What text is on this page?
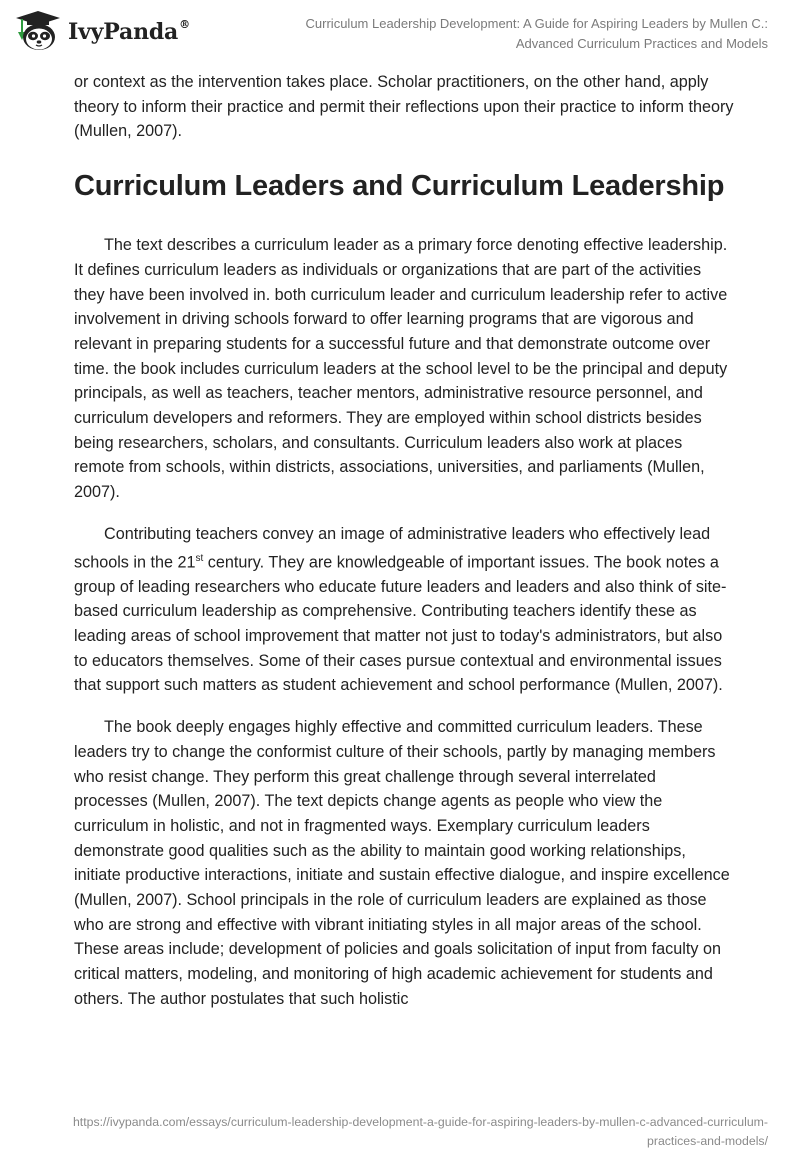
IvyPanda®	Curriculum Leadership Development: A Guide for Aspiring Leaders by Mullen C.: Advanced Curriculum Practices and Models

or context as the intervention takes place. Scholar practitioners, on the other hand, apply theory to inform their practice and permit their reflections upon their practice to inform theory (Mullen, 2007).

Curriculum Leaders and Curriculum Leadership

The text describes a curriculum leader as a primary force denoting effective leadership. It defines curriculum leaders as individuals or organizations that are part of the activities they have been involved in. both curriculum leader and curriculum leadership refer to active involvement in driving schools forward to offer learning programs that are vigorous and relevant in preparing students for a successful future and that demonstrate outcome over time. the book includes curriculum leaders at the school level to be the principal and deputy principals, as well as teachers, teacher mentors, administrative resource personnel, and curriculum developers and reformers. They are employed within school districts besides being researchers, scholars, and consultants. Curriculum leaders also work at places remote from schools, within districts, associations, universities, and parliaments (Mullen, 2007).

Contributing teachers convey an image of administrative leaders who effectively lead schools in the 21st century. They are knowledgeable of important issues. The book notes a group of leading researchers who educate future leaders and leaders and also think of site-based curriculum leadership as comprehensive. Contributing teachers identify these as leading areas of school improvement that matter not just to today's administrators, but also to educators themselves. Some of their cases pursue contextual and environmental issues that support such matters as student achievement and school performance (Mullen, 2007).

The book deeply engages highly effective and committed curriculum leaders. These leaders try to change the conformist culture of their schools, partly by managing members who resist change. They perform this great challenge through several interrelated processes (Mullen, 2007). The text depicts change agents as people who view the curriculum in holistic, and not in fragmented ways. Exemplary curriculum leaders demonstrate good qualities such as the ability to maintain good working relationships, initiate productive interactions, initiate and sustain effective dialogue, and inspire excellence (Mullen, 2007). School principals in the role of curriculum leaders are explained as those who are strong and effective with vibrant initiating styles in all major areas of the school. These areas include; development of policies and goals solicitation of input from faculty on critical matters, modeling, and monitoring of high academic achievement for students and others. The author postulates that such holistic

https://ivypanda.com/essays/curriculum-leadership-development-a-guide-for-aspiring-leaders-by-mullen-c-advanced-curriculum-practices-and-models/
